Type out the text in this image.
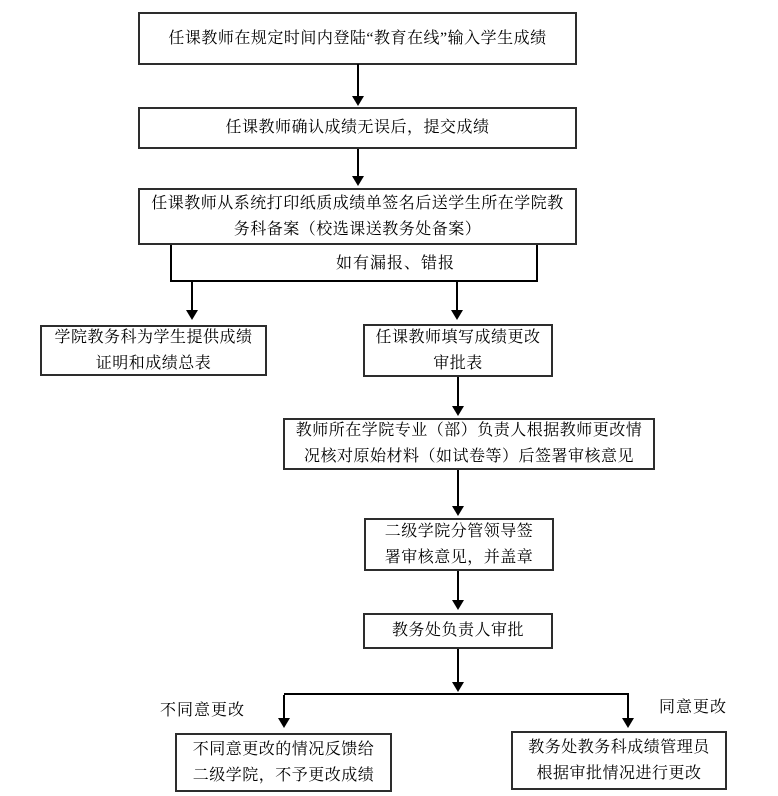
任课教师在规定时间内登陆“教育在线”输入学生成绩
任课教师确认成绩无误后，提交成绩
任课教师从系统打印纸质成绩单签名后送学生所在学院教
务科备案（校选课送教务处备案）
如有漏报、错报
学院教务科为学生提供成绩
证明和成绩总表
任课教师填写成绩更改
审批表
教师所在学院专业（部）负责人根据教师更改情
况核对原始材料（如试卷等）后签署审核意见
二级学院分管领导签
署审核意见，并盖章
教务处负责人审批
不同意更改	同意更改
不同意更改的情况反馈给
二级学院，不予更改成绩
教务处教务科成绩管理员
根据审批情况进行更改
